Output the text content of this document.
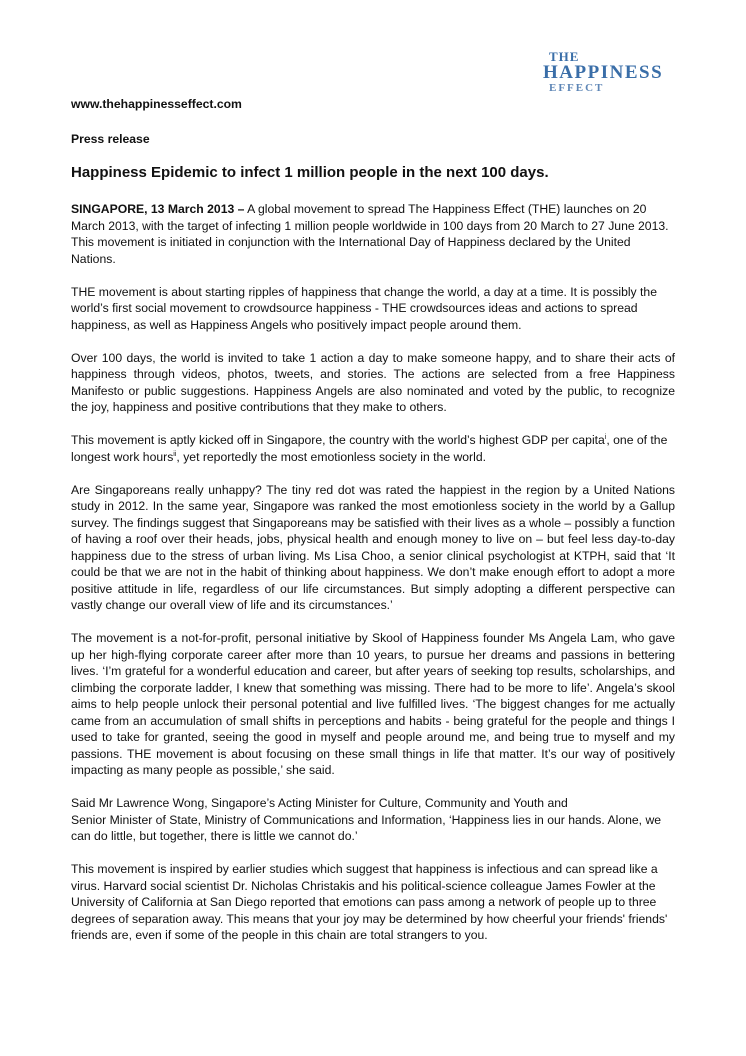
THE
HAPPINESS
EFFECT
www.thehappinesseffect.com
Press release
Happiness Epidemic to infect 1 million people in the next 100 days.

SINGAPORE, 13 March 2013 – A global movement to spread The Happiness Effect (THE) launches on 20 March 2013, with the target of infecting 1 million people worldwide in 100 days from 20 March to 27 June 2013. This movement is initiated in conjunction with the International Day of Happiness declared by the United Nations.

THE movement is about starting ripples of happiness that change the world, a day at a time. It is possibly the world’s first social movement to crowdsource happiness - THE crowdsources ideas and actions to spread happiness, as well as Happiness Angels who positively impact people around them.

Over 100 days, the world is invited to take 1 action a day to make someone happy, and to share their acts of happiness through videos, photos, tweets, and stories. The actions are selected from a free Happiness Manifesto or public suggestions. Happiness Angels are also nominated and voted by the public, to recognize the joy, happiness and positive contributions that they make to others.

This movement is aptly kicked off in Singapore, the country with the world’s highest GDP per capita$^i$, one of the longest work hours$^{ii}$, yet reportedly the most emotionless society in the world.

Are Singaporeans really unhappy? The tiny red dot was rated the happiest in the region by a United Nations study in 2012. In the same year, Singapore was ranked the most emotionless society in the world by a Gallup survey. The findings suggest that Singaporeans may be satisfied with their lives as a whole – possibly a function of having a roof over their heads, jobs, physical health and enough money to live on – but feel less day-to-day happiness due to the stress of urban living. Ms Lisa Choo, a senior clinical psychologist at KTPH, said that ‘It could be that we are not in the habit of thinking about happiness. We don’t make enough effort to adopt a more positive attitude in life, regardless of our life circumstances. But simply adopting a different perspective can vastly change our overall view of life and its circumstances.’

The movement is a not-for-profit, personal initiative by Skool of Happiness founder Ms Angela Lam, who gave up her high-flying corporate career after more than 10 years, to pursue her dreams and passions in bettering lives. ‘I’m grateful for a wonderful education and career, but after years of seeking top results, scholarships, and climbing the corporate ladder, I knew that something was missing. There had to be more to life’. Angela’s skool aims to help people unlock their personal potential and live fulfilled lives. ‘The biggest changes for me actually came from an accumulation of small shifts in perceptions and habits - being grateful for the people and things I used to take for granted, seeing the good in myself and people around me, and being true to myself and my passions. THE movement is about focusing on these small things in life that matter. It’s our way of positively impacting as many people as possible,’ she said.

Said Mr Lawrence Wong, Singapore’s Acting Minister for Culture, Community and Youth and
Senior Minister of State, Ministry of Communications and Information, ‘Happiness lies in our hands. Alone, we can do little, but together, there is little we cannot do.’

This movement is inspired by earlier studies which suggest that happiness is infectious and can spread like a virus. Harvard social scientist Dr. Nicholas Christakis and his political-science colleague James Fowler at the University of California at San Diego reported that emotions can pass among a network of people up to three degrees of separation away. This means that your joy may be determined by how cheerful your friends' friends' friends are, even if some of the people in this chain are total strangers to you.
